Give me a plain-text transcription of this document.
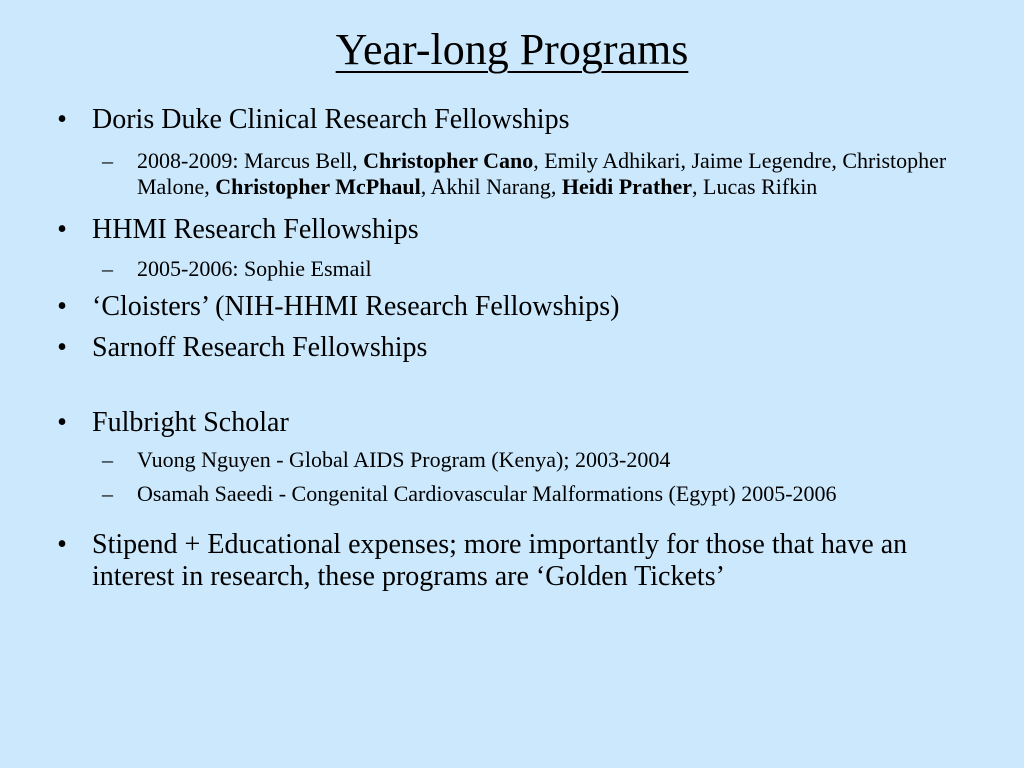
Year-long Programs
• Doris Duke Clinical Research Fellowships
– 2008-2009: Marcus Bell, Christopher Cano, Emily Adhikari, Jaime Legendre, Christopher Malone, Christopher McPhaul, Akhil Narang, Heidi Prather, Lucas Rifkin
• HHMI Research Fellowships
– 2005-2006: Sophie Esmail
• ‘Cloisters’ (NIH-HHMI Research Fellowships)
• Sarnoff Research Fellowships
• Fulbright Scholar
– Vuong Nguyen - Global AIDS Program (Kenya); 2003-2004
– Osamah Saeedi - Congenital Cardiovascular Malformations (Egypt) 2005-2006
• Stipend + Educational expenses; more importantly for those that have an interest in research, these programs are ‘Golden Tickets’
